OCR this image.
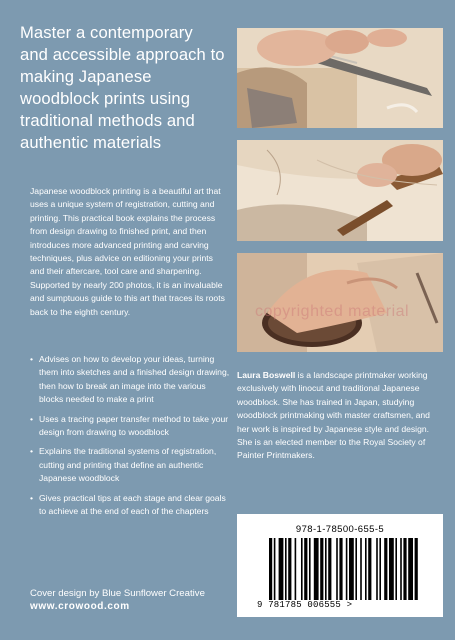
Master a contemporary and accessible approach to making Japanese woodblock prints using traditional methods and authentic materials
Japanese woodblock printing is a beautiful art that uses a unique system of registration, cutting and printing. This practical book explains the process from design drawing to finished print, and then introduces more advanced printing and carving techniques, plus advice on editioning your prints and their aftercare, tool care and sharpening. Supported by nearly 200 photos, it is an invaluable and sumptuous guide to this art that traces its roots back to the eighth century.
• Advises on how to develop your ideas, turning them into sketches and a finished design drawing, then how to break an image into the various blocks needed to make a print
• Uses a tracing paper transfer method to take your design from drawing to woodblock
• Explains the traditional systems of registration, cutting and printing that define an authentic Japanese woodblock
• Gives practical tips at each stage and clear goals to achieve at the end of each of the chapters
Cover design by Blue Sunflower Creative
www.crowood.com
copyrighted material
Laura Boswell is a landscape printmaker working exclusively with linocut and traditional Japanese woodblock. She has trained in Japan, studying woodblock printmaking with master craftsmen, and her work is inspired by Japanese style and design. She is an elected member to the Royal Society of Painter Printmakers.
978-1-78500-655-5
9 781785 006555 >
